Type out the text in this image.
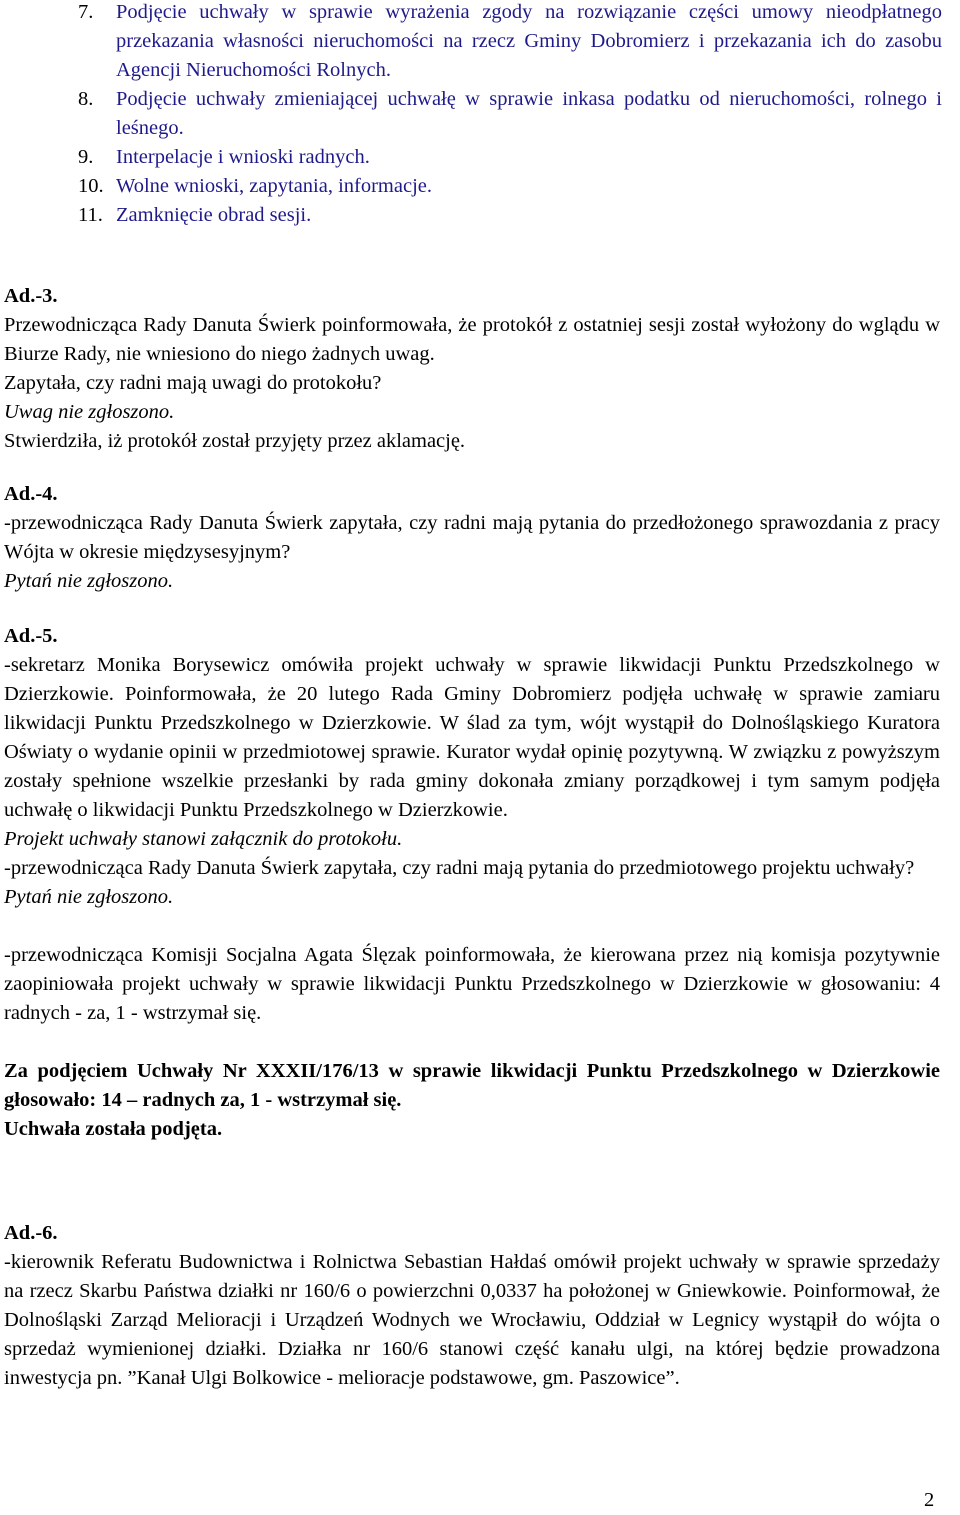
7. Podjęcie uchwały w sprawie wyrażenia zgody na rozwiązanie części umowy nieodpłatnego przekazania własności nieruchomości na rzecz Gminy Dobromierz i przekazania ich do zasobu Agencji Nieruchomości Rolnych.
8. Podjęcie uchwały zmieniającej uchwałę w sprawie inkasa podatku od nieruchomości, rolnego i leśnego.
9. Interpelacje i wnioski radnych.
10. Wolne wnioski, zapytania, informacje.
11. Zamknięcie obrad sesji.

Ad.-3.

Przewodnicząca Rady Danuta Świerk poinformowała, że protokół z ostatniej sesji został wyłożony do wglądu w Biurze Rady, nie wniesiono do niego żadnych uwag.

Zapytała, czy radni mają uwagi do protokołu?

Uwag nie zgłoszono.

Stwierdziła, iż protokół został przyjęty przez aklamację.

Ad.-4.

-przewodnicząca Rady Danuta Świerk zapytała, czy radni mają pytania do przedłożonego sprawozdania z pracy Wójta w okresie międzysesyjnym?

Pytań nie zgłoszono.

Ad.-5.

-sekretarz Monika Borysewicz omówiła projekt uchwały w sprawie likwidacji Punktu Przedszkolnego w Dzierzkowie. Poinformowała, że 20 lutego Rada Gminy Dobromierz podjęła uchwałę w sprawie zamiaru likwidacji Punktu Przedszkolnego w Dzierzkowie. W ślad za tym, wójt wystąpił do Dolnośląskiego Kuratora Oświaty o wydanie opinii w przedmiotowej sprawie. Kurator wydał opinię pozytywną. W związku z powyższym zostały spełnione wszelkie przesłanki by rada gminy dokonała zmiany porządkowej i tym samym podjęła uchwałę o likwidacji Punktu Przedszkolnego w Dzierzkowie.

Projekt uchwały stanowi załącznik do protokołu.

-przewodnicząca Rady Danuta Świerk zapytała, czy radni mają pytania do przedmiotowego projektu uchwały?

Pytań nie zgłoszono.

-przewodnicząca Komisji Socjalna Agata Ślęzak poinformowała, że kierowana przez nią komisja pozytywnie zaopiniowała projekt uchwały w sprawie likwidacji Punktu Przedszkolnego w Dzierzkowie w głosowaniu: 4 radnych - za, 1 - wstrzymał się.

Za podjęciem Uchwały Nr XXXII/176/13 w sprawie likwidacji Punktu Przedszkolnego w Dzierzkowie głosowało: 14 – radnych za, 1 - wstrzymał się.

Uchwała została podjęta.

Ad.-6.

-kierownik Referatu Budownictwa i Rolnictwa Sebastian Hałdaś omówił projekt uchwały w sprawie sprzedaży na rzecz Skarbu Państwa działki nr 160/6 o powierzchni 0,0337 ha położonej w Gniewkowie. Poinformował, że Dolnośląski Zarząd Melioracji i Urządzeń Wodnych we Wrocławiu, Oddział w Legnicy wystąpił do wójta o sprzedaż wymienionej działki. Działka nr 160/6 stanowi część kanału ulgi, na której będzie prowadzona inwestycja pn. ”Kanał Ulgi Bolkowice - melioracje podstawowe, gm. Paszowice”.

2
